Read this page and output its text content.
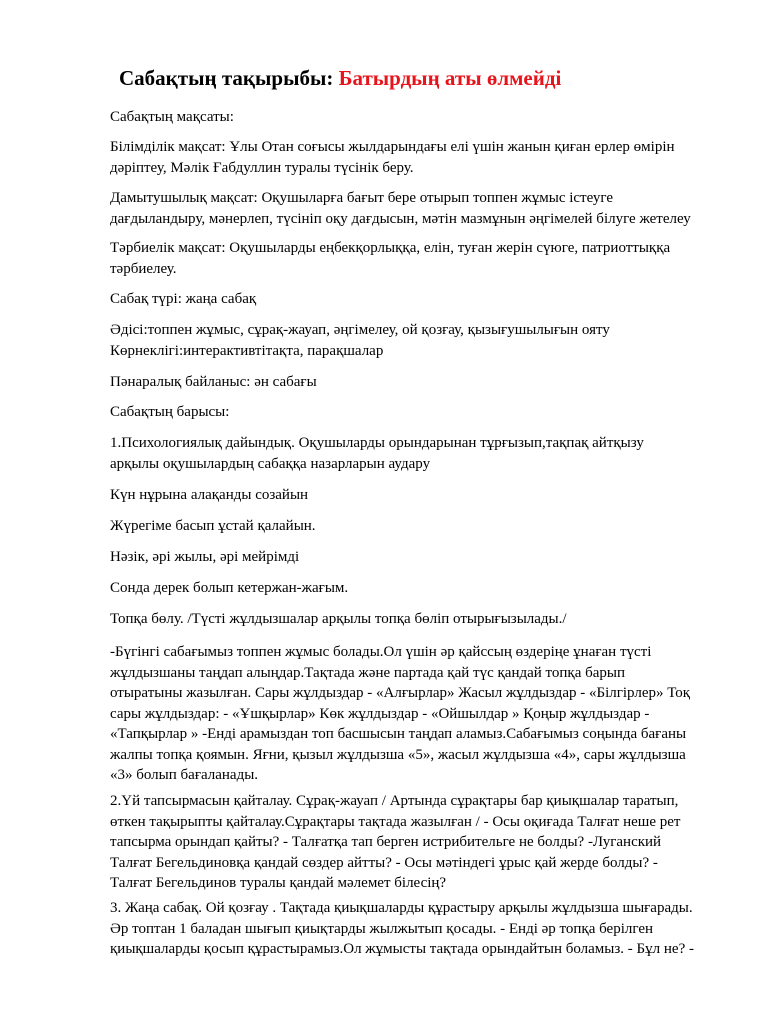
Сабақтың тақырыбы: Батырдың аты өлмейді
Сабақтың мақсаты:
Білімділік мақсат: Ұлы Отан соғысы жылдарындағы елі үшін жанын қиған ерлер өмірін
дәріптеу, Мәлік Ғабдуллин туралы түсінік беру.
Дамытушылық мақсат: Оқушыларға бағыт бере отырып топпен жұмыс істеуге
дағдыландыру, мәнерлеп, түсініп оқу дағдысын, мәтін мазмұнын әңгімелей білуге жетелеу
Тәрбиелік мақсат: Оқушыларды еңбекқорлыққа, елін, туған жерін сүюге, патриоттыққа
тәрбиелеу.
Сабақ түрі: жаңа сабақ
Әдісі:топпен жұмыс, сұрақ-жауап, әңгімелеу, ой қозғау, қызығушылығын ояту
Көрнеклігі:интерактивтітақта, парақшалар
Пәнаралық байланыс: ән сабағы
Сабақтың барысы:
1.Психологиялық дайындық. Оқушыларды орындарынан тұрғызып,тақпақ айтқызу
арқылы оқушылардың сабаққа назарларын аудару
Күн нұрына алақанды созайын
Жүрегіме басып ұстай қалайын.
Нәзік, әрі жылы, әрі мейрімді
Сонда дерек болып кетержан-жағым.
Топқа бөлу. /Түсті жұлдызшалар арқылы топқа бөліп отырығызылады./
-Бүгінгі сабағымыз топпен жұмыс болады.Ол үшін әр қайссың өздеріңе ұнаған түсті
жұлдызшаны таңдап алыңдар.Тақтада және партада қай түс қандай топқа барып
отыратыны жазылған. Сары жұлдыздар - «Алғырлар» Жасыл жұлдыздар - «Білгірлер» Тоқ
сары жұлдыздар: - «Ұшқырлар» Көк жұлдыздар - «Ойшылдар » Қоңыр жұлдыздар -
«Тапқырлар » -Енді арамыздан топ басшысын таңдап аламыз.Сабағымыз соңында бағаны
жалпы топқа қоямын. Яғни, қызыл жұлдызша «5», жасыл жұлдызша «4», сары жұлдызша
«3» болып бағаланады.
2.Үй тапсырмасын қайталау. Сұрақ-жауап / Артында сұрақтары бар қиықшалар таратып,
өткен тақырыпты қайталау.Сұрақтары тақтада жазылған / - Осы оқиғада Талғат неше рет
тапсырма орындап қайты? - Талғатқа тап берген истрибительге не болды? -Луганский
Талғат Бегельдиновқа қандай сөздер айтты? - Осы мәтіндегі ұрыс қай жерде болды? -
Талғат Бегельдинов туралы қандай мәлемет білесің?
3. Жаңа сабақ. Ой қозғау . Тақтада қиықшаларды құрастыру арқылы жұлдызша шығарады.
Әр топтан 1 баладан шығып қиықтарды жылжытып қосады. - Енді әр топқа берілген
қиықшаларды қосып құрастырамыз.Ол жұмысты тақтада орындайтын боламыз. - Бұл не? -
